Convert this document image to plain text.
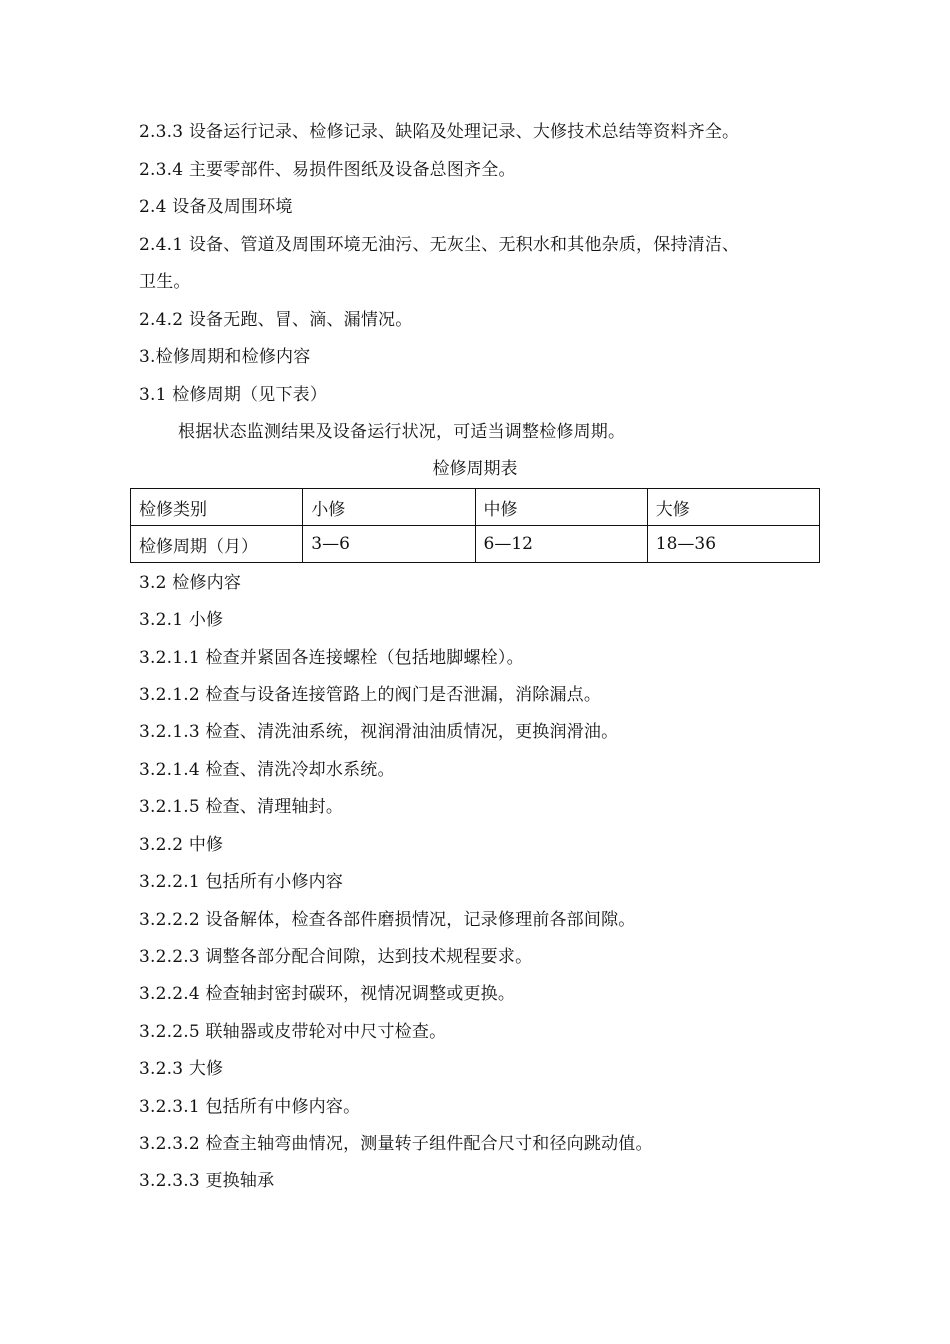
2.3.3 设备运行记录、检修记录、缺陷及处理记录、大修技术总结等资料齐全。
2.3.4 主要零部件、易损件图纸及设备总图齐全。
2.4 设备及周围环境
2.4.1 设备、管道及周围环境无油污、无灰尘、无积水和其他杂质，保持清洁、
卫生。
2.4.2 设备无跑、冒、滴、漏情况。
3.检修周期和检修内容
3.1 检修周期（见下表）
根据状态监测结果及设备运行状况，可适当调整检修周期。
检修周期表
检修类别	小修	中修	大修
检修周期（月）	3—6	6—12	18—36
3.2 检修内容
3.2.1 小修
3.2.1.1 检查并紧固各连接螺栓（包括地脚螺栓）。
3.2.1.2 检查与设备连接管路上的阀门是否泄漏，消除漏点。
3.2.1.3 检查、清洗油系统，视润滑油油质情况，更换润滑油。
3.2.1.4 检查、清洗冷却水系统。
3.2.1.5 检查、清理轴封。
3.2.2 中修
3.2.2.1 包括所有小修内容
3.2.2.2 设备解体，检查各部件磨损情况，记录修理前各部间隙。
3.2.2.3 调整各部分配合间隙，达到技术规程要求。
3.2.2.4 检查轴封密封碳环，视情况调整或更换。
3.2.2.5 联轴器或皮带轮对中尺寸检查。
3.2.3 大修
3.2.3.1 包括所有中修内容。
3.2.3.2 检查主轴弯曲情况，测量转子组件配合尺寸和径向跳动值。
3.2.3.3 更换轴承
